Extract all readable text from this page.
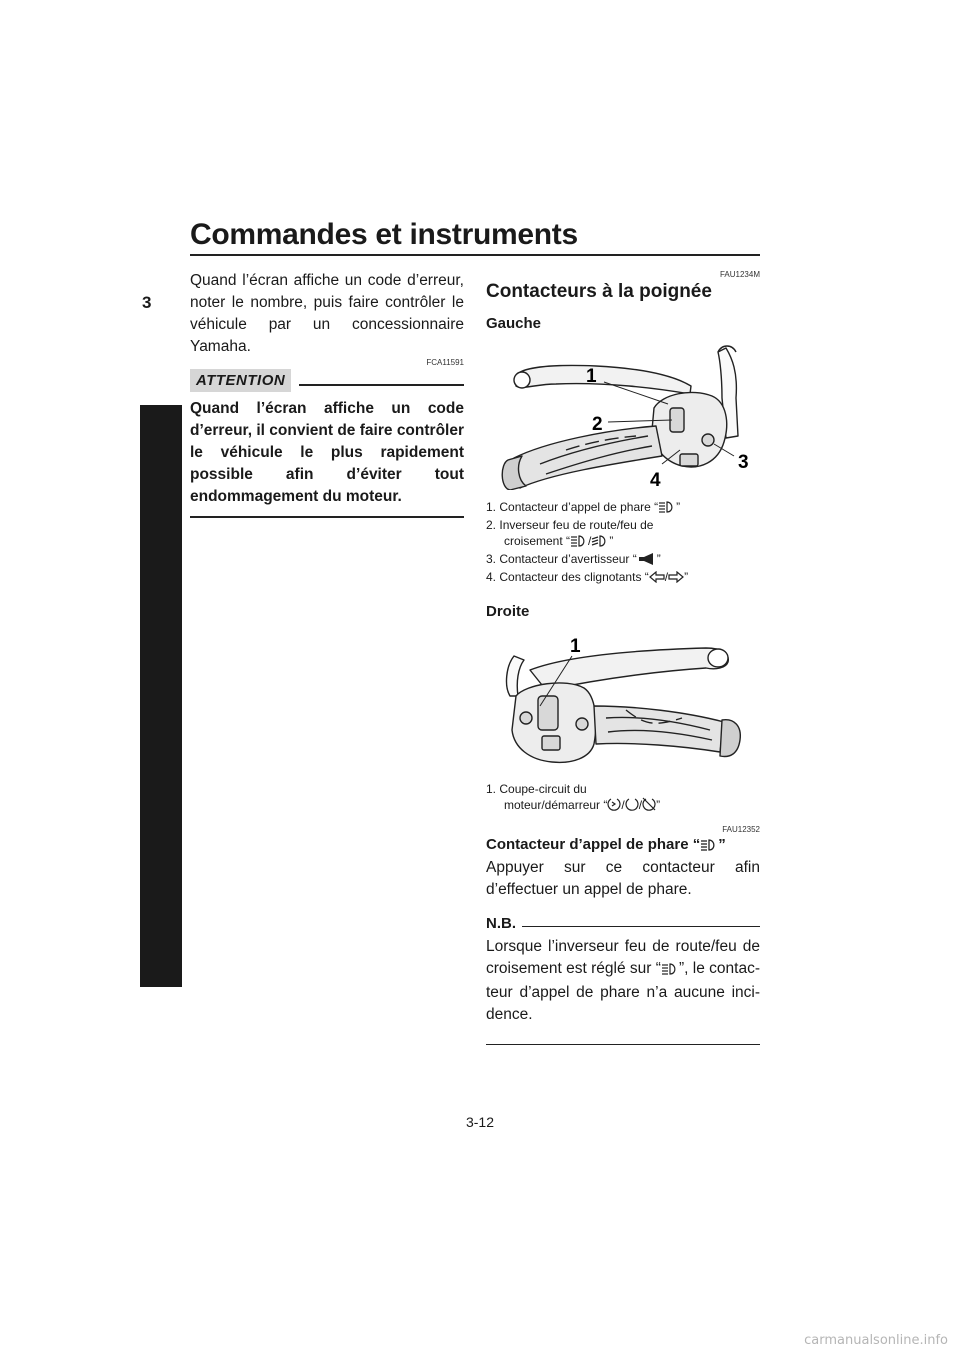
Commandes et instruments
3
Quand l’écran affiche un code d’erreur, noter le nombre, puis faire contrôler le véhicule par un concessionnaire Yamaha.
FCA11591
ATTENTION
Quand l’écran affiche un code d’erreur, il convient de faire contrôler le véhicule le plus rapidement possible afin d’éviter tout endommagement du moteur.
FAU1234M
Contacteurs à la poignée
Gauche
1
2
3
4
1. Contacteur d’appel de phare “ ”
2. Inverseur feu de route/feu de
croisement “ / ”
3. Contacteur d’avertisseur “ ”
4. Contacteur des clignotants “ / ”
Droite
1
1. Coupe-circuit du
moteur/démarreur “ / / ”
FAU12352
Contacteur d’appel de phare “ ”
Appuyer sur ce contacteur afin d’effectuer un appel de phare.
N.B.
Lorsque l’inverseur feu de route/feu de croisement est réglé sur “ ”, le contacteur d’appel de phare n’a aucune incidence.
3-12
carmanualsonline.info
